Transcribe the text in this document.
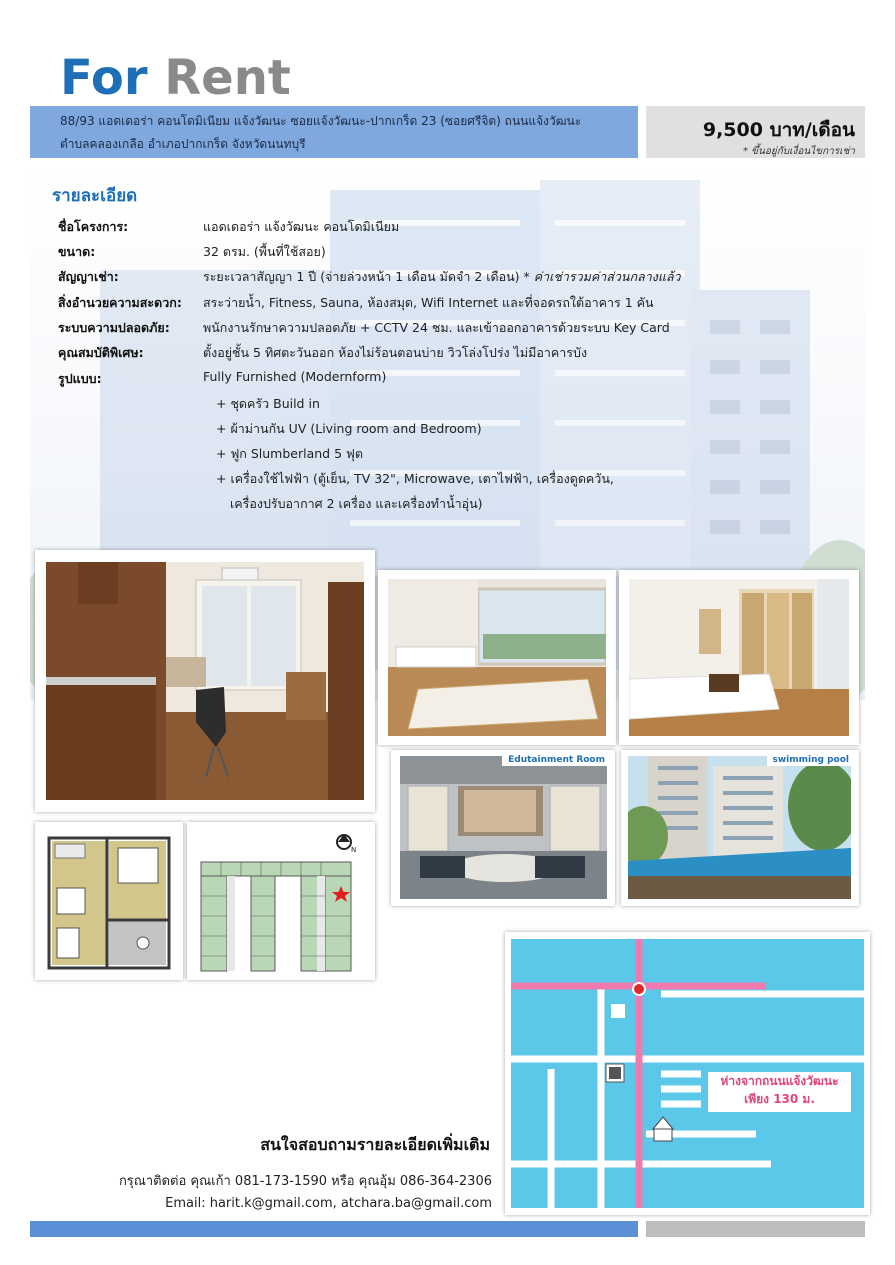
For Rent
88/93 แอดเดอร่า คอนโดมิเนียม แจ้งวัฒนะ ซอยแจ้งวัฒนะ-ปากเกร็ด 23 (ซอยศรีจิต) ถนนแจ้งวัฒนะ
ตำบลคลองเกลือ อำเภอปากเกร็ด จังหวัดนนทบุรี
9,500 บาท/เดือน
* ขึ้นอยู่กับเงื่อนไขการเช่า
รายละเอียด
ชื่อโครงการ:	แอดเดอร่า แจ้งวัฒนะ คอนโดมิเนียม
ขนาด:	32 ตรม. (พื้นที่ใช้สอย)
สัญญาเช่า:	ระยะเวลาสัญญา 1 ปี (จ่ายล่วงหน้า 1 เดือน มัดจำ 2 เดือน) * ค่าเช่ารวมค่าส่วนกลางแล้ว
สิ่งอำนวยความสะดวก: สระว่ายน้ำ, Fitness, Sauna, ห้องสมุด, Wifi Internet และที่จอดรถใต้อาคาร 1 คัน
ระบบความปลอดภัย:	พนักงานรักษาความปลอดภัย + CCTV 24 ชม. และเข้าออกอาคารด้วยระบบ Key Card
คุณสมบัติพิเศษ:	ตั้งอยู่ชั้น 5 ทิศตะวันออก ห้องไม่ร้อนตอนบ่าย วิวโล่งโปร่ง ไม่มีอาคารบัง
รูปแบบ:	Fully Furnished (Modernform)
+ ชุดครัว Build in
+ ผ้าม่านกัน UV (Living room and Bedroom)
+ ฟูก Slumberland 5 ฟุต
+ เครื่องใช้ไฟฟ้า (ตู้เย็น, TV 32", Microwave, เตาไฟฟ้า, เครื่องดูดควัน,
เครื่องปรับอากาศ 2 เครื่อง และเครื่องทำน้ำอุ่น)
Edutainment Room	swimming pool
N
ห่างจากถนนแจ้งวัฒนะ
เพียง 130 ม.
สนใจสอบถามรายละเอียดเพิ่มเติม
กรุณาติดต่อ คุณเก้า 081-173-1590 หรือ คุณอุ้ม 086-364-2306
Email: harit.k@gmail.com, atchara.ba@gmail.com
